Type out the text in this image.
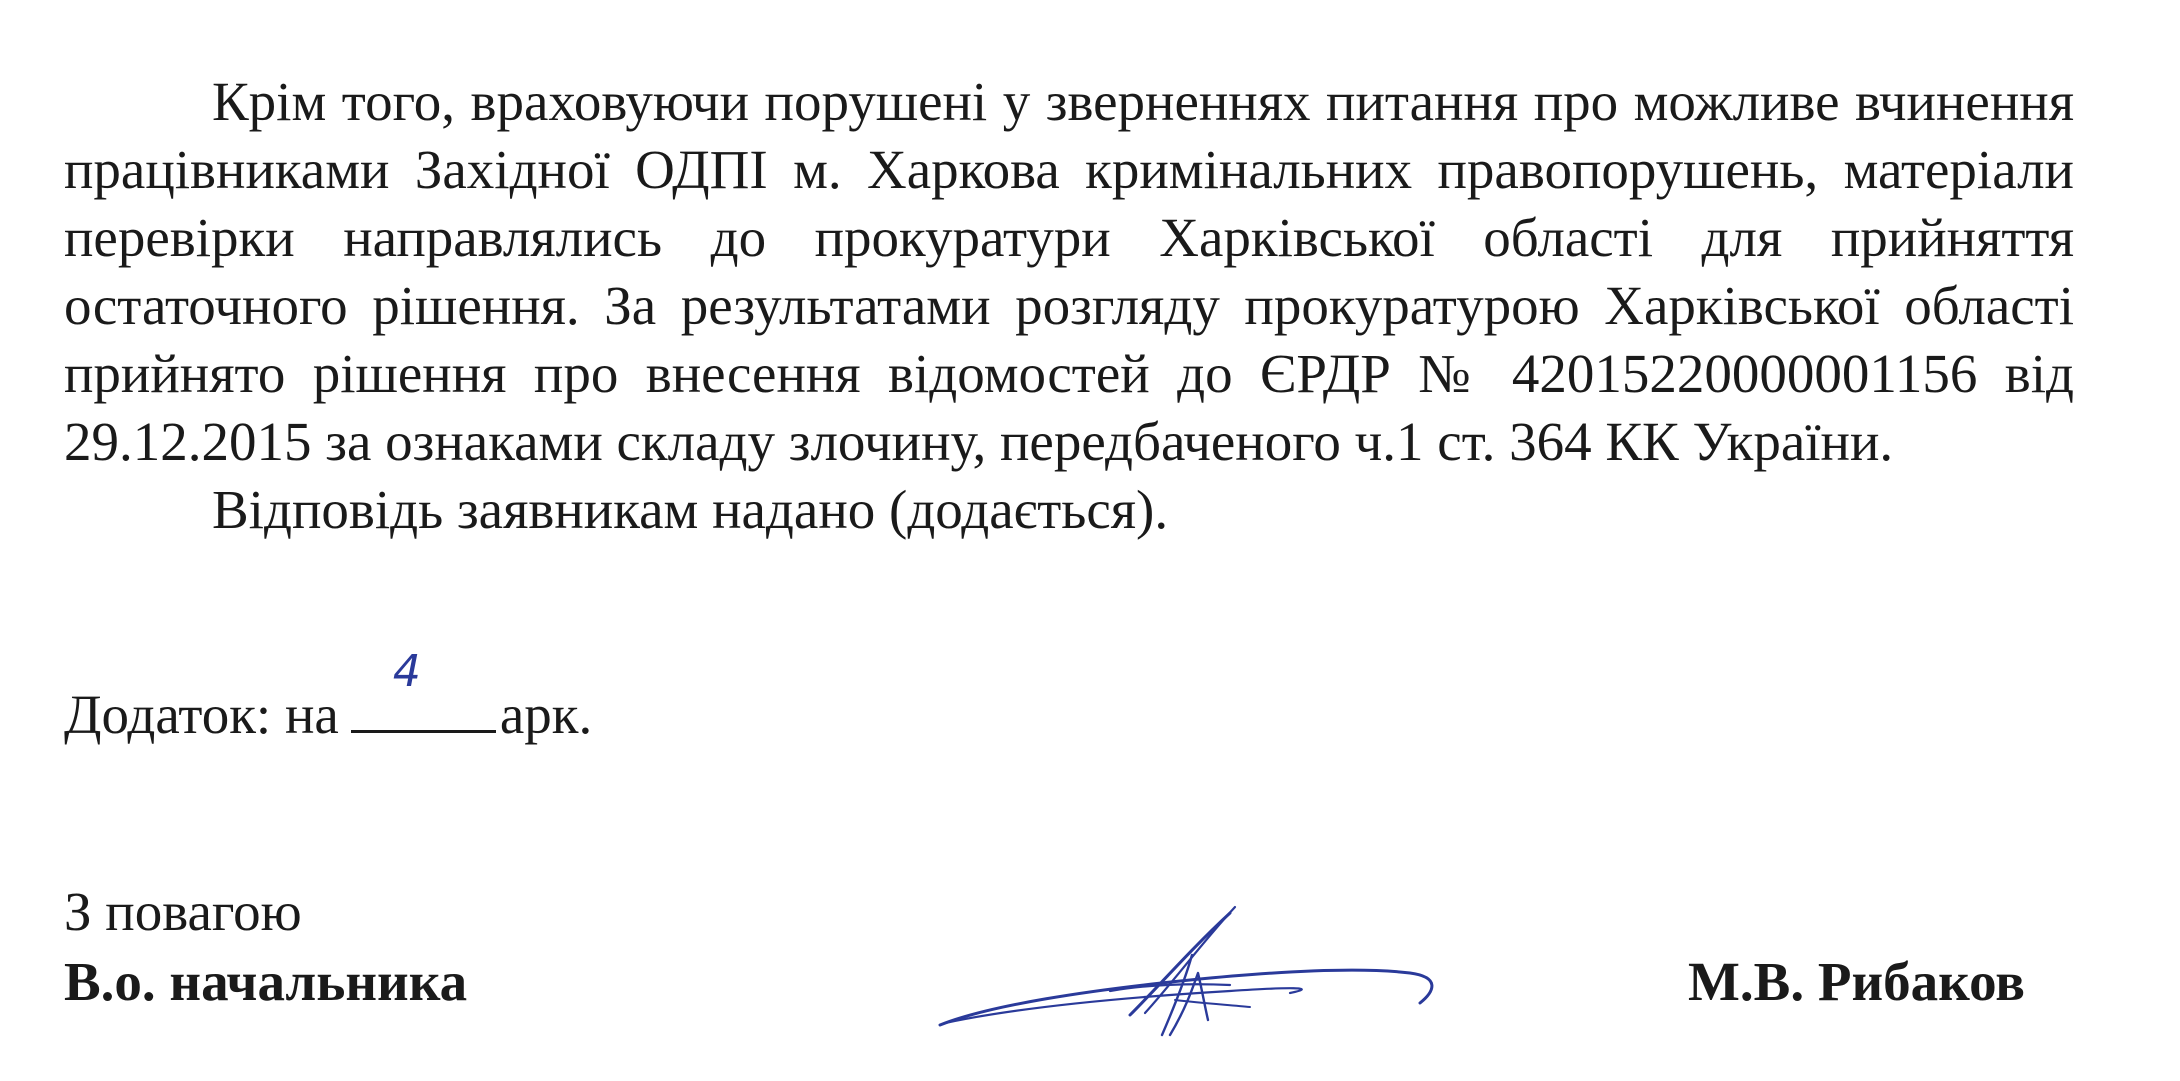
Крім того, враховуючи порушені у зверненнях питання про можливе вчинення працівниками Західної ОДПІ м. Харкова кримінальних правопорушень, матеріали перевірки направлялись до прокуратури Харківської області для прийняття остаточного рішення. За результатами розгляду прокуратурою Харківської області прийнято рішення про внесення відомостей до ЄРДР № 42015220000001156 від 29.12.2015 за ознаками складу злочину, передбаченого ч.1 ст. 364 КК України.

Відповідь заявникам надано (додається).

Додаток: на
4
арк.
З повагою
В.о. начальника	М.В. Рибаков
